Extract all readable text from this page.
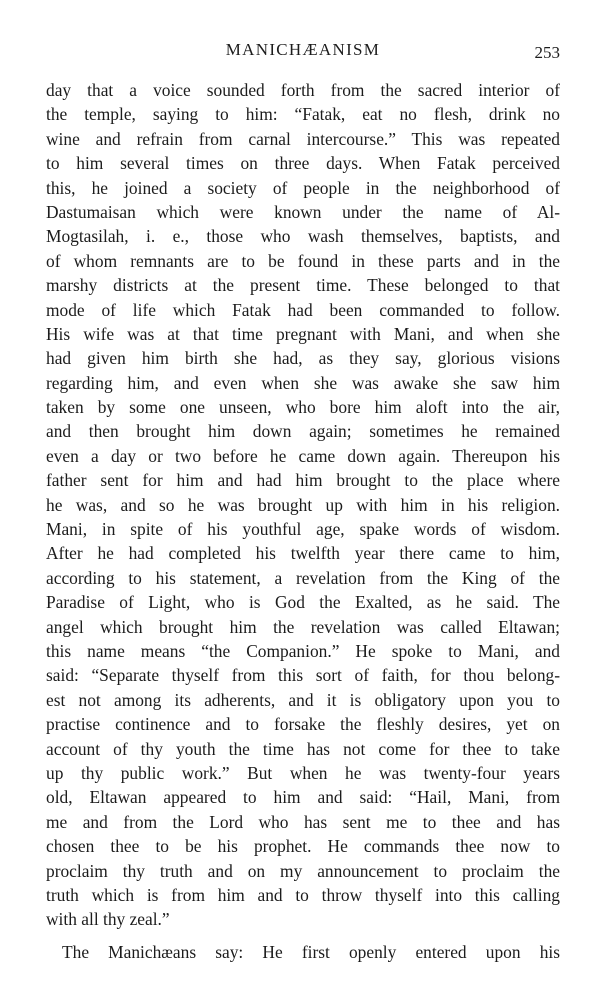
MANICHÆANISM	253
day that a voice sounded forth from the sacred interior of
the temple, saying to him: “Fatak, eat no flesh, drink no
wine and refrain from carnal intercourse.” This was repeated
to him several times on three days. When Fatak perceived
this, he joined a society of people in the neighborhood of
Dastumaisan which were known under the name of Al-
Mogtasilah, i. e., those who wash themselves, baptists, and
of whom remnants are to be found in these parts and in the
marshy districts at the present time. These belonged to that
mode of life which Fatak had been commanded to follow.
His wife was at that time pregnant with Mani, and when she
had given him birth she had, as they say, glorious visions
regarding him, and even when she was awake she saw him
taken by some one unseen, who bore him aloft into the air,
and then brought him down again; sometimes he remained
even a day or two before he came down again. Thereupon his
father sent for him and had him brought to the place where
he was, and so he was brought up with him in his religion.
Mani, in spite of his youthful age, spake words of wisdom.
After he had completed his twelfth year there came to him,
according to his statement, a revelation from the King of the
Paradise of Light, who is God the Exalted, as he said. The
angel which brought him the revelation was called Eltawan;
this name means “the Companion.” He spoke to Mani, and
said: “Separate thyself from this sort of faith, for thou belong-
est not among its adherents, and it is obligatory upon you to
practise continence and to forsake the fleshly desires, yet on
account of thy youth the time has not come for thee to take
up thy public work.” But when he was twenty-four years
old, Eltawan appeared to him and said: “Hail, Mani, from
me and from the Lord who has sent me to thee and has
chosen thee to be his prophet. He commands thee now to
proclaim thy truth and on my announcement to proclaim the
truth which is from him and to throw thyself into this calling
with all thy zeal.”
The Manichæans say: He first openly entered upon his
